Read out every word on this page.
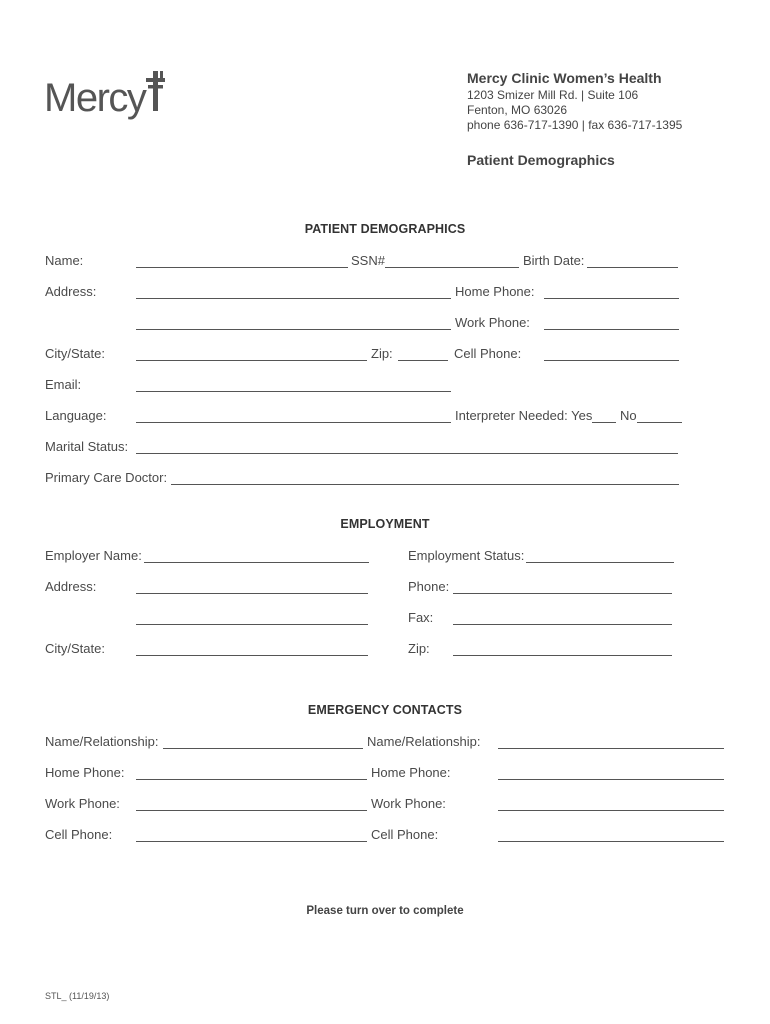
Mercy	Mercy Clinic Women’s Health
1203 Smizer Mill Rd. | Suite 106
Fenton, MO 63026
phone 636-717-1390 | fax 636-717-1395
Patient Demographics
PATIENT DEMOGRAPHICS
Name:	SSN#	Birth Date:
Address:	Home Phone:
Work Phone:
City/State:	Zip:	Cell Phone:
Email:
Language:	Interpreter Needed: Yes No
Marital Status:
Primary Care Doctor:
EMPLOYMENT
Employer Name:	Employment Status:
Address:	Phone:
Fax:
City/State:	Zip:
EMERGENCY CONTACTS
Name/Relationship:	Name/Relationship:
Home Phone:	Home Phone:
Work Phone:	Work Phone:
Cell Phone:	Cell Phone:
Please turn over to complete
STL_ (11/19/13)
